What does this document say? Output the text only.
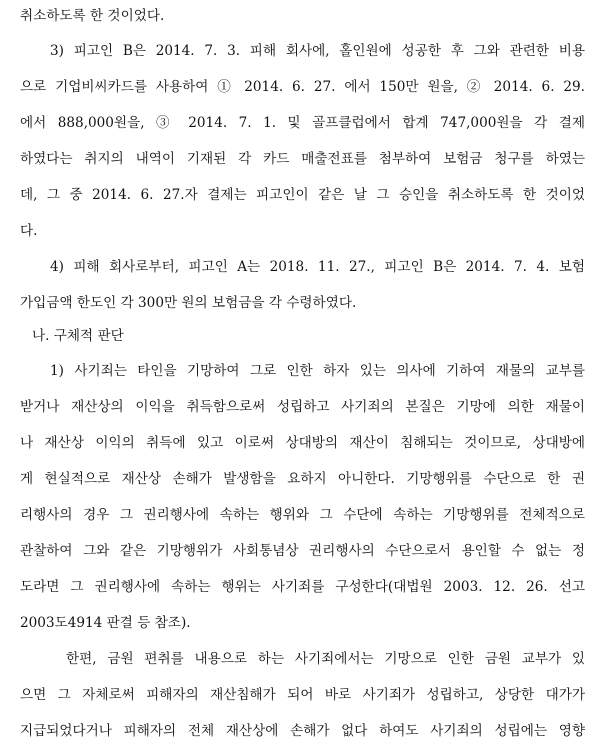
취소하도록 한 것이었다.

3) 피고인 B은 2014. 7. 3. 피해 회사에, 홀인원에 성공한 후 그와 관련한 비용

으로 기업비씨카드를 사용하여 ① 2014. 6. 27. 에서 150만 원을, ② 2014. 6. 29.

에서 888,000원을, ③ 2014. 7. 1. 및 골프클럽에서 합계 747,000원을 각 결제

하였다는 취지의 내역이 기재된 각 카드 매출전표를 첨부하여 보험금 청구를 하였는

데, 그 중 2014. 6. 27.자 결제는 피고인이 같은 날 그 승인을 취소하도록 한 것이었

다.

4) 피해 회사로부터, 피고인 A는 2018. 11. 27., 피고인 B은 2014. 7. 4. 보험

가입금액 한도인 각 300만 원의 보험금을 각 수령하였다.

나. 구체적 판단

1) 사기죄는 타인을 기망하여 그로 인한 하자 있는 의사에 기하여 재물의 교부를

받거나 재산상의 이익을 취득함으로써 성립하고 사기죄의 본질은 기망에 의한 재물이

나 재산상 이익의 취득에 있고 이로써 상대방의 재산이 침해되는 것이므로, 상대방에

게 현실적으로 재산상 손해가 발생함을 요하지 아니한다. 기망행위를 수단으로 한 권

리행사의 경우 그 권리행사에 속하는 행위와 그 수단에 속하는 기망행위를 전체적으로

관찰하여 그와 같은 기망행위가 사회통념상 권리행사의 수단으로서 용인할 수 없는 정

도라면 그 권리행사에 속하는 행위는 사기죄를 구성한다(대법원 2003. 12. 26. 선고

2003도4914 판결 등 참조).

한편, 금원 편취를 내용으로 하는 사기죄에서는 기망으로 인한 금원 교부가 있

으면 그 자체로써 피해자의 재산침해가 되어 바로 사기죄가 성립하고, 상당한 대가가

지급되었다거나 피해자의 전체 재산상에 손해가 없다 하여도 사기죄의 성립에는 영향
